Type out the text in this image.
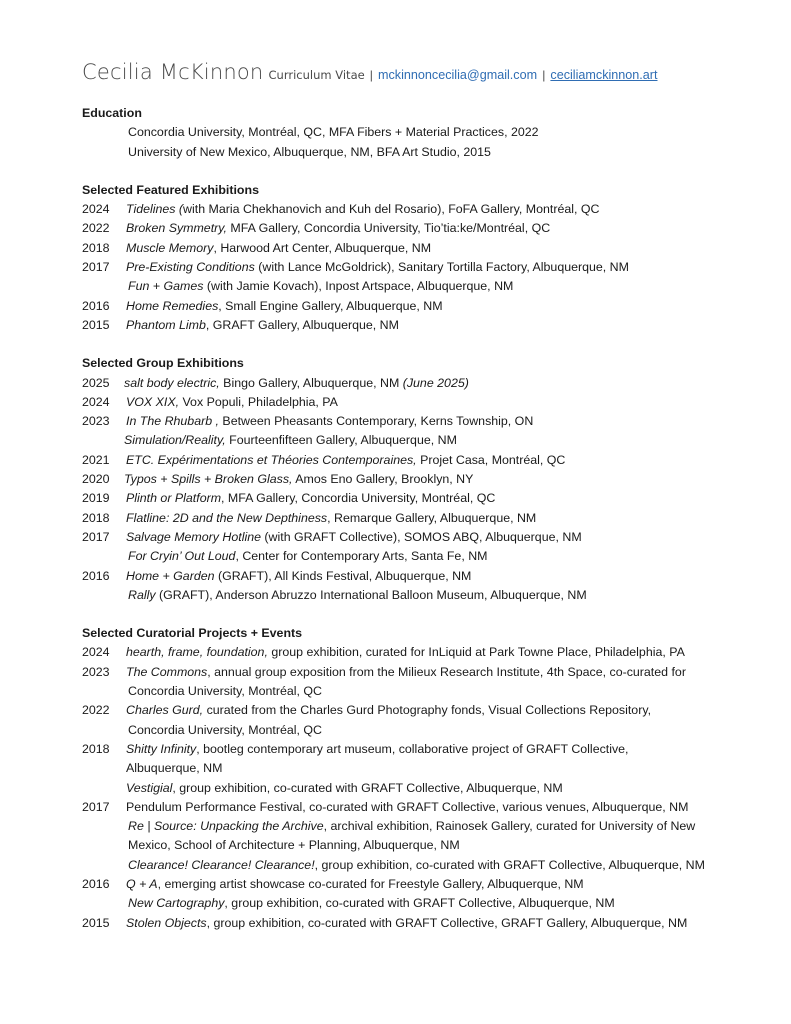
Cecilia McKinnon Curriculum Vitae | mckinnoncecilia@gmail.com | ceciliamckinnon.art
Education
Concordia University, Montréal, QC, MFA Fibers + Material Practices, 2022
University of New Mexico, Albuquerque, NM, BFA Art Studio, 2015
Selected Featured Exhibitions
2024	Tidelines (with Maria Chekhanovich and Kuh del Rosario), FoFA Gallery, Montréal, QC
2022	Broken Symmetry, MFA Gallery, Concordia University, Tio’tia:ke/Montréal, QC
2018	Muscle Memory, Harwood Art Center, Albuquerque, NM
2017	Pre-Existing Conditions (with Lance McGoldrick), Sanitary Tortilla Factory, Albuquerque, NM
Fun + Games (with Jamie Kovach), Inpost Artspace, Albuquerque, NM
2016	Home Remedies, Small Engine Gallery, Albuquerque, NM
2015	Phantom Limb, GRAFT Gallery, Albuquerque, NM
Selected Group Exhibitions
2025	salt body electric, Bingo Gallery, Albuquerque, NM (June 2025)
2024	VOX XIX, Vox Populi, Philadelphia, PA
2023	In The Rhubarb , Between Pheasants Contemporary, Kerns Township, ON
Simulation/Reality, Fourteenfifteen Gallery, Albuquerque, NM
2021	ETC. Expérimentations et Théories Contemporaines, Projet Casa, Montréal, QC
2020	Typos + Spills + Broken Glass, Amos Eno Gallery, Brooklyn, NY
2019	Plinth or Platform, MFA Gallery, Concordia University, Montréal, QC
2018	Flatline: 2D and the New Depthiness, Remarque Gallery, Albuquerque, NM
2017	Salvage Memory Hotline (with GRAFT Collective), SOMOS ABQ, Albuquerque, NM
For Cryin’ Out Loud, Center for Contemporary Arts, Santa Fe, NM
2016	Home + Garden (GRAFT), All Kinds Festival, Albuquerque, NM
Rally (GRAFT), Anderson Abruzzo International Balloon Museum, Albuquerque, NM
Selected Curatorial Projects + Events
2024	hearth, frame, foundation, group exhibition, curated for InLiquid at Park Towne Place, Philadelphia, PA
2023	The Commons, annual group exposition from the Milieux Research Institute, 4th Space, co-curated for
Concordia University, Montréal, QC
2022	Charles Gurd, curated from the Charles Gurd Photography fonds, Visual Collections Repository,
Concordia University, Montréal, QC
2018	Shitty Infinity, bootleg contemporary art museum, collaborative project of GRAFT Collective,
Albuquerque, NM
Vestigial, group exhibition, co-curated with GRAFT Collective, Albuquerque, NM
2017	Pendulum Performance Festival, co-curated with GRAFT Collective, various venues, Albuquerque, NM
Re | Source: Unpacking the Archive, archival exhibition, Rainosek Gallery, curated for University of New
Mexico, School of Architecture + Planning, Albuquerque, NM
Clearance! Clearance! Clearance!, group exhibition, co-curated with GRAFT Collective, Albuquerque, NM
2016	Q + A, emerging artist showcase co-curated for Freestyle Gallery, Albuquerque, NM
New Cartography, group exhibition, co-curated with GRAFT Collective, Albuquerque, NM
2015	Stolen Objects, group exhibition, co-curated with GRAFT Collective, GRAFT Gallery, Albuquerque, NM
